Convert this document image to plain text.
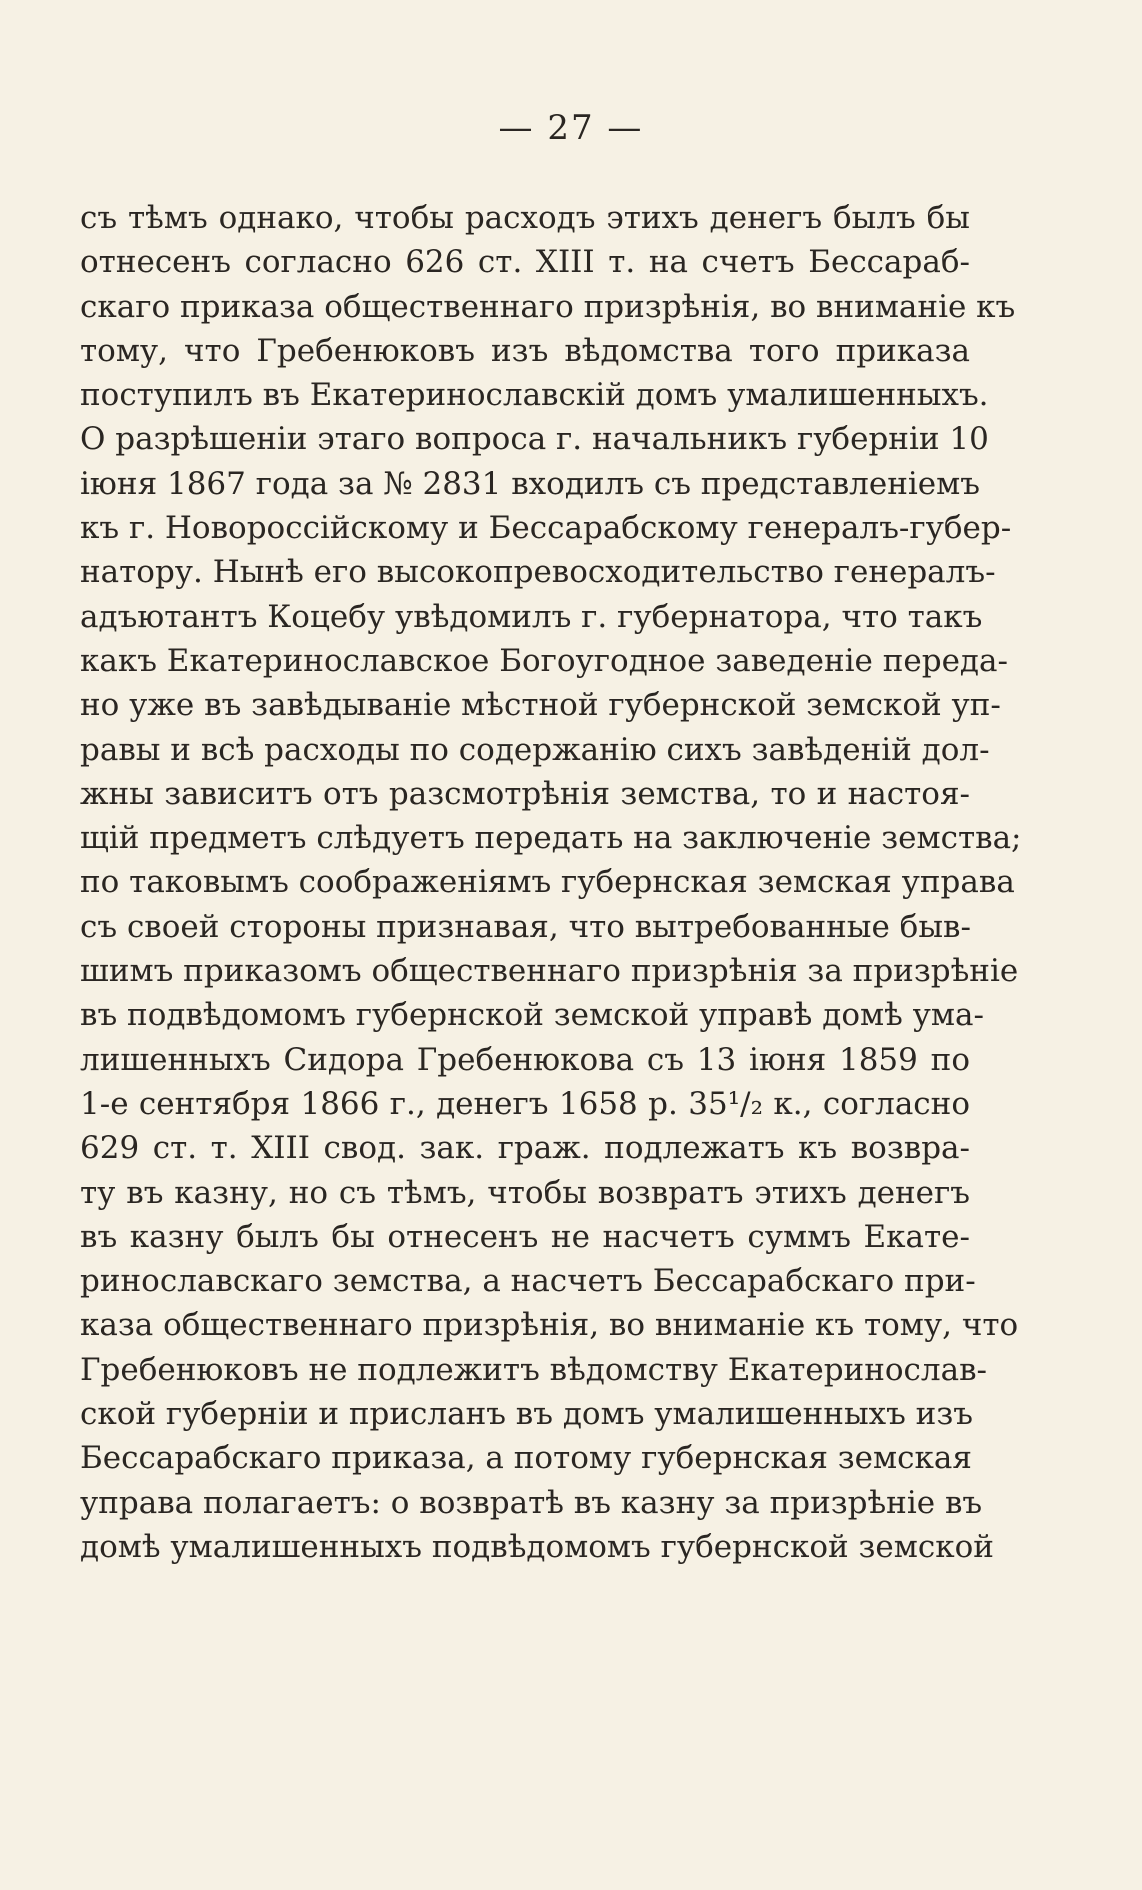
— 27 —
съ тѣмъ однако, чтобы расходъ этихъ денегъ былъ бы
отнесенъ согласно 626 ст. XIII т. на счетъ Бессараб-
скаго приказа общественнаго призрѣнія, во вниманіе къ
тому, что Гребенюковъ изъ вѣдомства того приказа
поступилъ въ Екатеринославскій домъ умалишенныхъ.
О разрѣшеніи этаго вопроса г. начальникъ губерніи 10
іюня 1867 года за № 2831 входилъ съ представленіемъ
къ г. Новороссійскому и Бессарабскому генералъ-губер-
натору. Нынѣ его высокопревосходительство генералъ-
адъютантъ Коцебу увѣдомилъ г. губернатора, что такъ
какъ Екатеринославское Богоугодное заведеніе переда-
но уже въ завѣдываніе мѣстной губернской земской уп-
равы и всѣ расходы по содержанію сихъ завѣденій дол-
жны зависитъ отъ разсмотрѣнія земства, то и настоя-
щій предметъ слѣдуетъ передать на заключеніе земства;
по таковымъ соображеніямъ губернская земская управа
съ своей стороны признавая, что вытребованные быв-
шимъ приказомъ общественнаго призрѣнія за призрѣніе
въ подвѣдомомъ губернской земской управѣ домѣ ума-
лишенныхъ Сидора Гребенюкова съ 13 іюня 1859 по
1-е сентября 1866 г., денегъ 1658 р. 35¹/₂ к., согласно
629 ст. т. XIII свод. зак. граж. подлежатъ къ возвра-
ту въ казну, но съ тѣмъ, чтобы возвратъ этихъ денегъ
въ казну былъ бы отнесенъ не насчетъ суммъ Екате-
ринославскаго земства, а насчетъ Бессарабскаго при-
каза общественнаго призрѣнія, во вниманіе къ тому, что
Гребенюковъ не подлежитъ вѣдомству Екатеринослав-
ской губерніи и присланъ въ домъ умалишенныхъ изъ
Бессарабскаго приказа, а потому губернская земская
управа полагаетъ: о возвратѣ въ казну за призрѣніе въ
домѣ умалишенныхъ подвѣдомомъ губернской земской
